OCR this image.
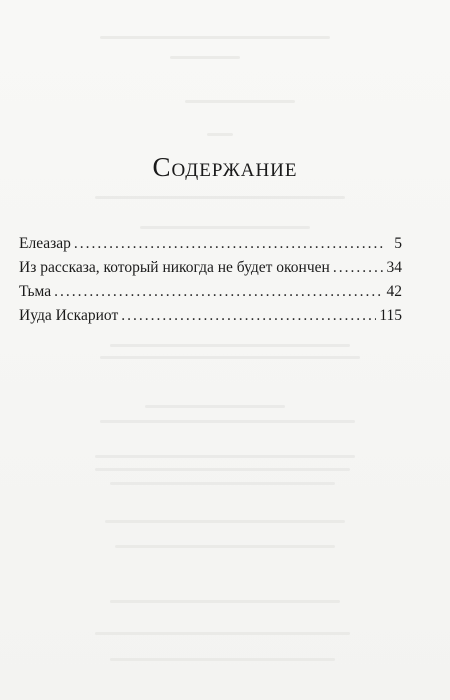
Содержание
Елеазар .....	5
Из рассказа, который никогда не будет окончен .....	34
Тьма .....	42
Иуда Искариот .....	115
